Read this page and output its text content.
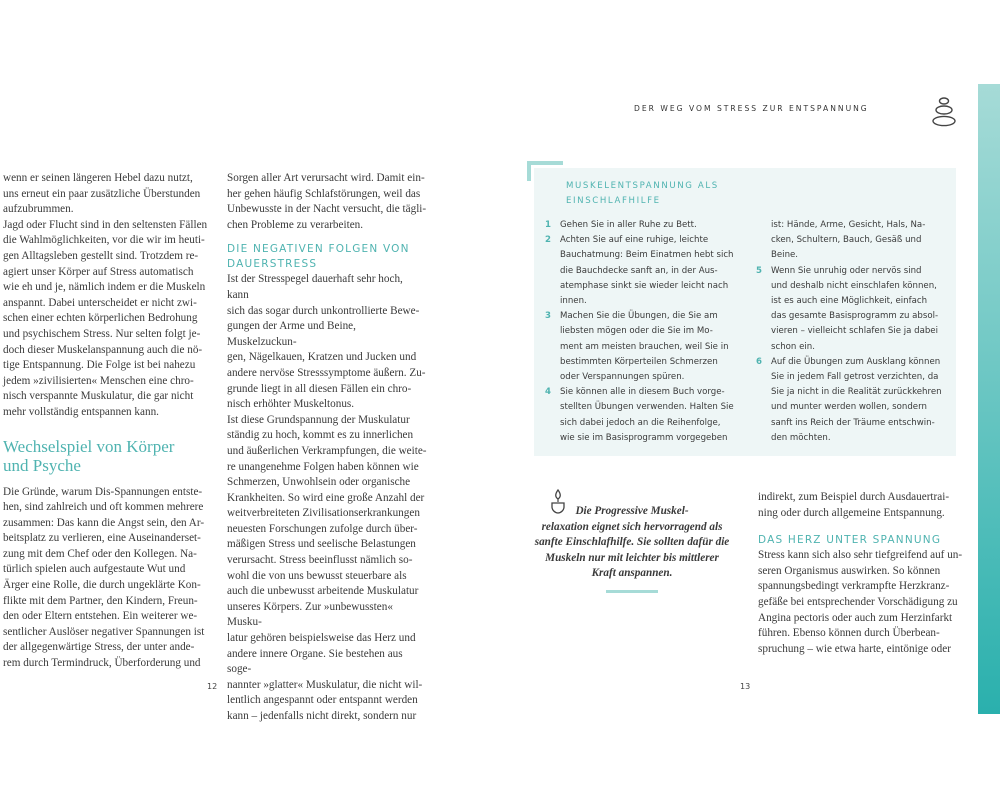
DER WEG VOM STRESS ZUR ENTSPANNUNG

wenn er seinen längeren Hebel dazu nutzt,
uns erneut ein paar zusätzliche Überstunden
aufzubrummen.

Jagd oder Flucht sind in den seltensten Fällen
die Wahlmöglichkeiten, vor die wir im heuti-
gen Alltagsleben gestellt sind. Trotzdem re-
agiert unser Körper auf Stress automatisch
wie eh und je, nämlich indem er die Muskeln
anspannt. Dabei unterscheidet er nicht zwi-
schen einer echten körperlichen Bedrohung
und psychischem Stress. Nur selten folgt je-
doch dieser Muskelanspannung auch die nö-
tige Entspannung. Die Folge ist bei nahezu
jedem »zivilisierten« Menschen eine chro-
nisch verspannte Muskulatur, die gar nicht
mehr vollständig entspannen kann.

Wechselspiel von Körper
und Psyche

Die Gründe, warum Dis-Spannungen entste-
hen, sind zahlreich und oft kommen mehrere
zusammen: Das kann die Angst sein, den Ar-
beitsplatz zu verlieren, eine Auseinanderset-
zung mit dem Chef oder den Kollegen. Na-
türlich spielen auch aufgestaute Wut und
Ärger eine Rolle, die durch ungeklärte Kon-
flikte mit dem Partner, den Kindern, Freun-
den oder Eltern entstehen. Ein weiterer we-
sentlicher Auslöser negativer Spannungen ist
der allgegenwärtige Stress, der unter ande-
rem durch Termindruck, Überforderung und

Sorgen aller Art verursacht wird. Damit ein-
her gehen häufig Schlafstörungen, weil das
Unbewusste in der Nacht versucht, die tägli-
chen Probleme zu verarbeiten.

DIE NEGATIVEN FOLGEN VON
DAUERSTRESS

Ist der Stresspegel dauerhaft sehr hoch, kann
sich das sogar durch unkontrollierte Bewe-
gungen der Arme und Beine, Muskelzuckun-
gen, Nägelkauen, Kratzen und Jucken und
andere nervöse Stresssymptome äußern. Zu-
grunde liegt in all diesen Fällen ein chro-
nisch erhöhter Muskeltonus.

Ist diese Grundspannung der Muskulatur
ständig zu hoch, kommt es zu innerlichen
und äußerlichen Verkrampfungen, die weite-
re unangenehme Folgen haben können wie
Schmerzen, Unwohlsein oder organische
Krankheiten. So wird eine große Anzahl der
weitverbreiteten Zivilisationserkrankungen
neuesten Forschungen zufolge durch über-
mäßigen Stress und seelische Belastungen
verursacht. Stress beeinflusst nämlich so-
wohl die von uns bewusst steuerbare als
auch die unbewusst arbeitende Muskulatur
unseres Körpers. Zur »unbewussten« Musku-
latur gehören beispielsweise das Herz und
andere innere Organe. Sie bestehen aus soge-
nannter »glatter« Muskulatur, die nicht wil-
lentlich angespannt oder entspannt werden
kann – jedenfalls nicht direkt, sondern nur

12
MUSKELENTSPANNUNG ALS
EINSCHLAFHILFE
1 Gehen Sie in aller Ruhe zu Bett.
2 Achten Sie auf eine ruhige, leichte
Bauchatmung: Beim Einatmen hebt sich
die Bauchdecke sanft an, in der Aus-
atemphase sinkt sie wieder leicht nach
innen.
3 Machen Sie die Übungen, die Sie am
liebsten mögen oder die Sie im Mo-
ment am meisten brauchen, weil Sie in
bestimmten Körperteilen Schmerzen
oder Verspannungen spüren.
4 Sie können alle in diesem Buch vorge-
stellten Übungen verwenden. Halten Sie
sich dabei jedoch an die Reihenfolge,
wie sie im Basisprogramm vorgegeben
ist: Hände, Arme, Gesicht, Hals, Na-
cken, Schultern, Bauch, Gesäß und
Beine.
5 Wenn Sie unruhig oder nervös sind
und deshalb nicht einschlafen können,
ist es auch eine Möglichkeit, einfach
das gesamte Basisprogramm zu absol-
vieren – vielleicht schlafen Sie ja dabei
schon ein.
6 Auf die Übungen zum Ausklang können
Sie in jedem Fall getrost verzichten, da
Sie ja nicht in die Realität zurückkehren
und munter werden wollen, sondern
sanft ins Reich der Träume entschwin-
den möchten.
Die Progressive Muskel-
relaxation eignet sich hervorragend als
sanfte Einschlafhilfe. Sie sollten dafür die
Muskeln nur mit leichter bis mittlerer
Kraft anspannen.

indirekt, zum Beispiel durch Ausdauertrai-
ning oder durch allgemeine Entspannung.

DAS HERZ UNTER SPANNUNG

Stress kann sich also sehr tiefgreifend auf un-
seren Organismus auswirken. So können
spannungsbedingt verkrampfte Herzkranz-
gefäße bei entsprechender Vorschädigung zu
Angina pectoris oder auch zum Herzinfarkt
führen. Ebenso können durch Überbean-
spruchung – wie etwa harte, eintönige oder

13
